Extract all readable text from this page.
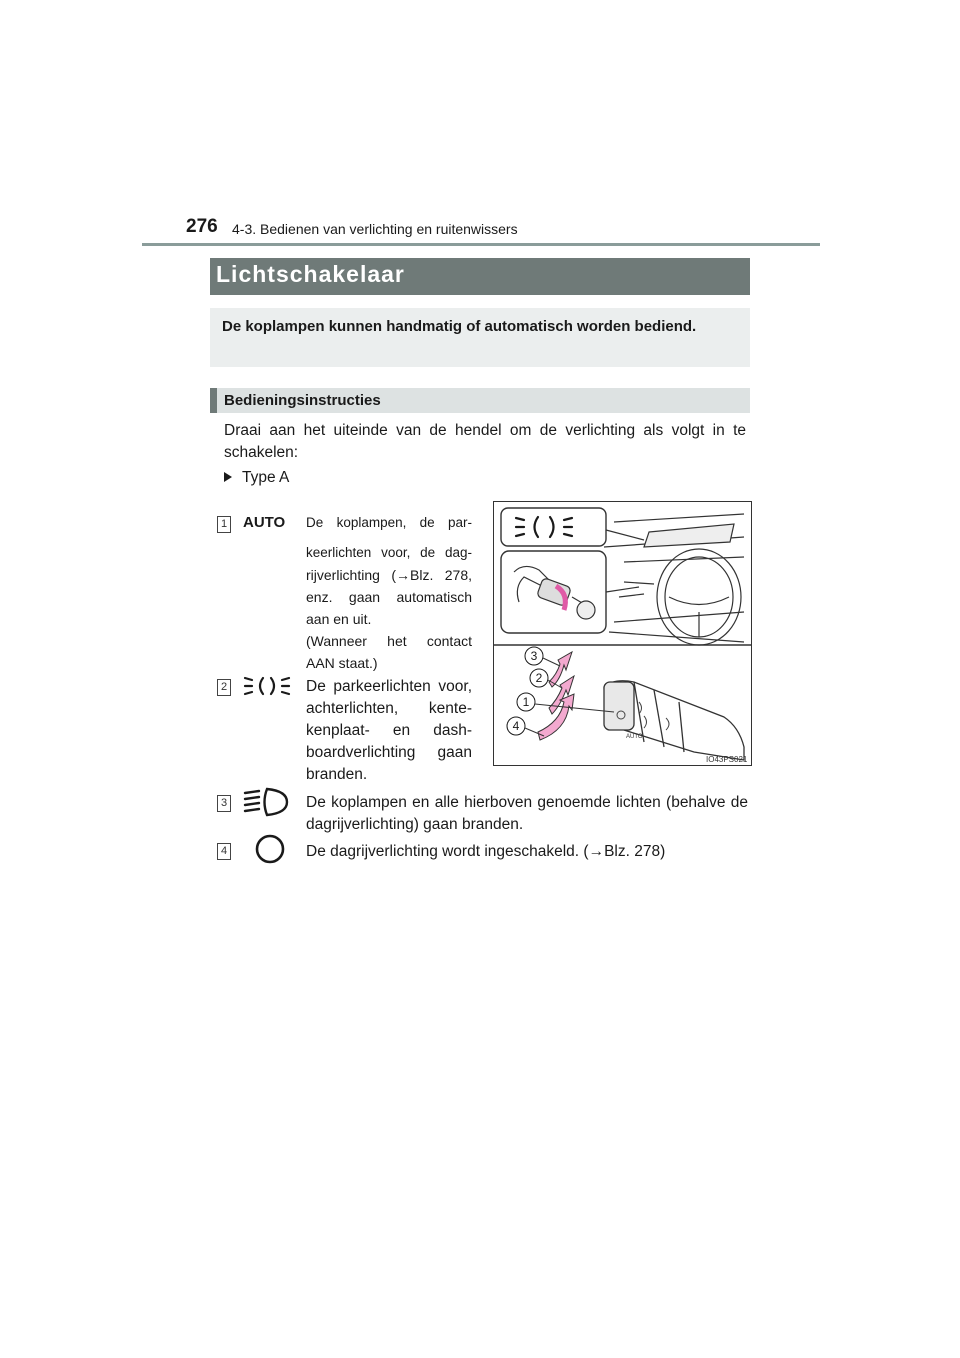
276 4-3. Bedienen van verlichting en ruitenwissers
Lichtschakelaar
De koplampen kunnen handmatig of automatisch worden bediend.
Bedieningsinstructies
Draai aan het uiteinde van de hendel om de verlichting als volgt in te schakelen:
Type A
1 AUTO De koplampen, de par-
keerlichten voor, de dag-
rijverlichting (→Blz. 278,
enz. gaan automatisch
aan en uit.
(Wanneer het contact
AAN staat.)
2	De parkeerlichten voor, achterlichten, kente-kenplaat- en dash-boardverlichting gaan branden.
3	De koplampen en alle hierboven genoemde lichten (behalve de dagrijverlichting) gaan branden.
4	De dagrijverlichting wordt ingeschakeld. (→Blz. 278)
AUTO
3
2
1
4
IO43PS021
